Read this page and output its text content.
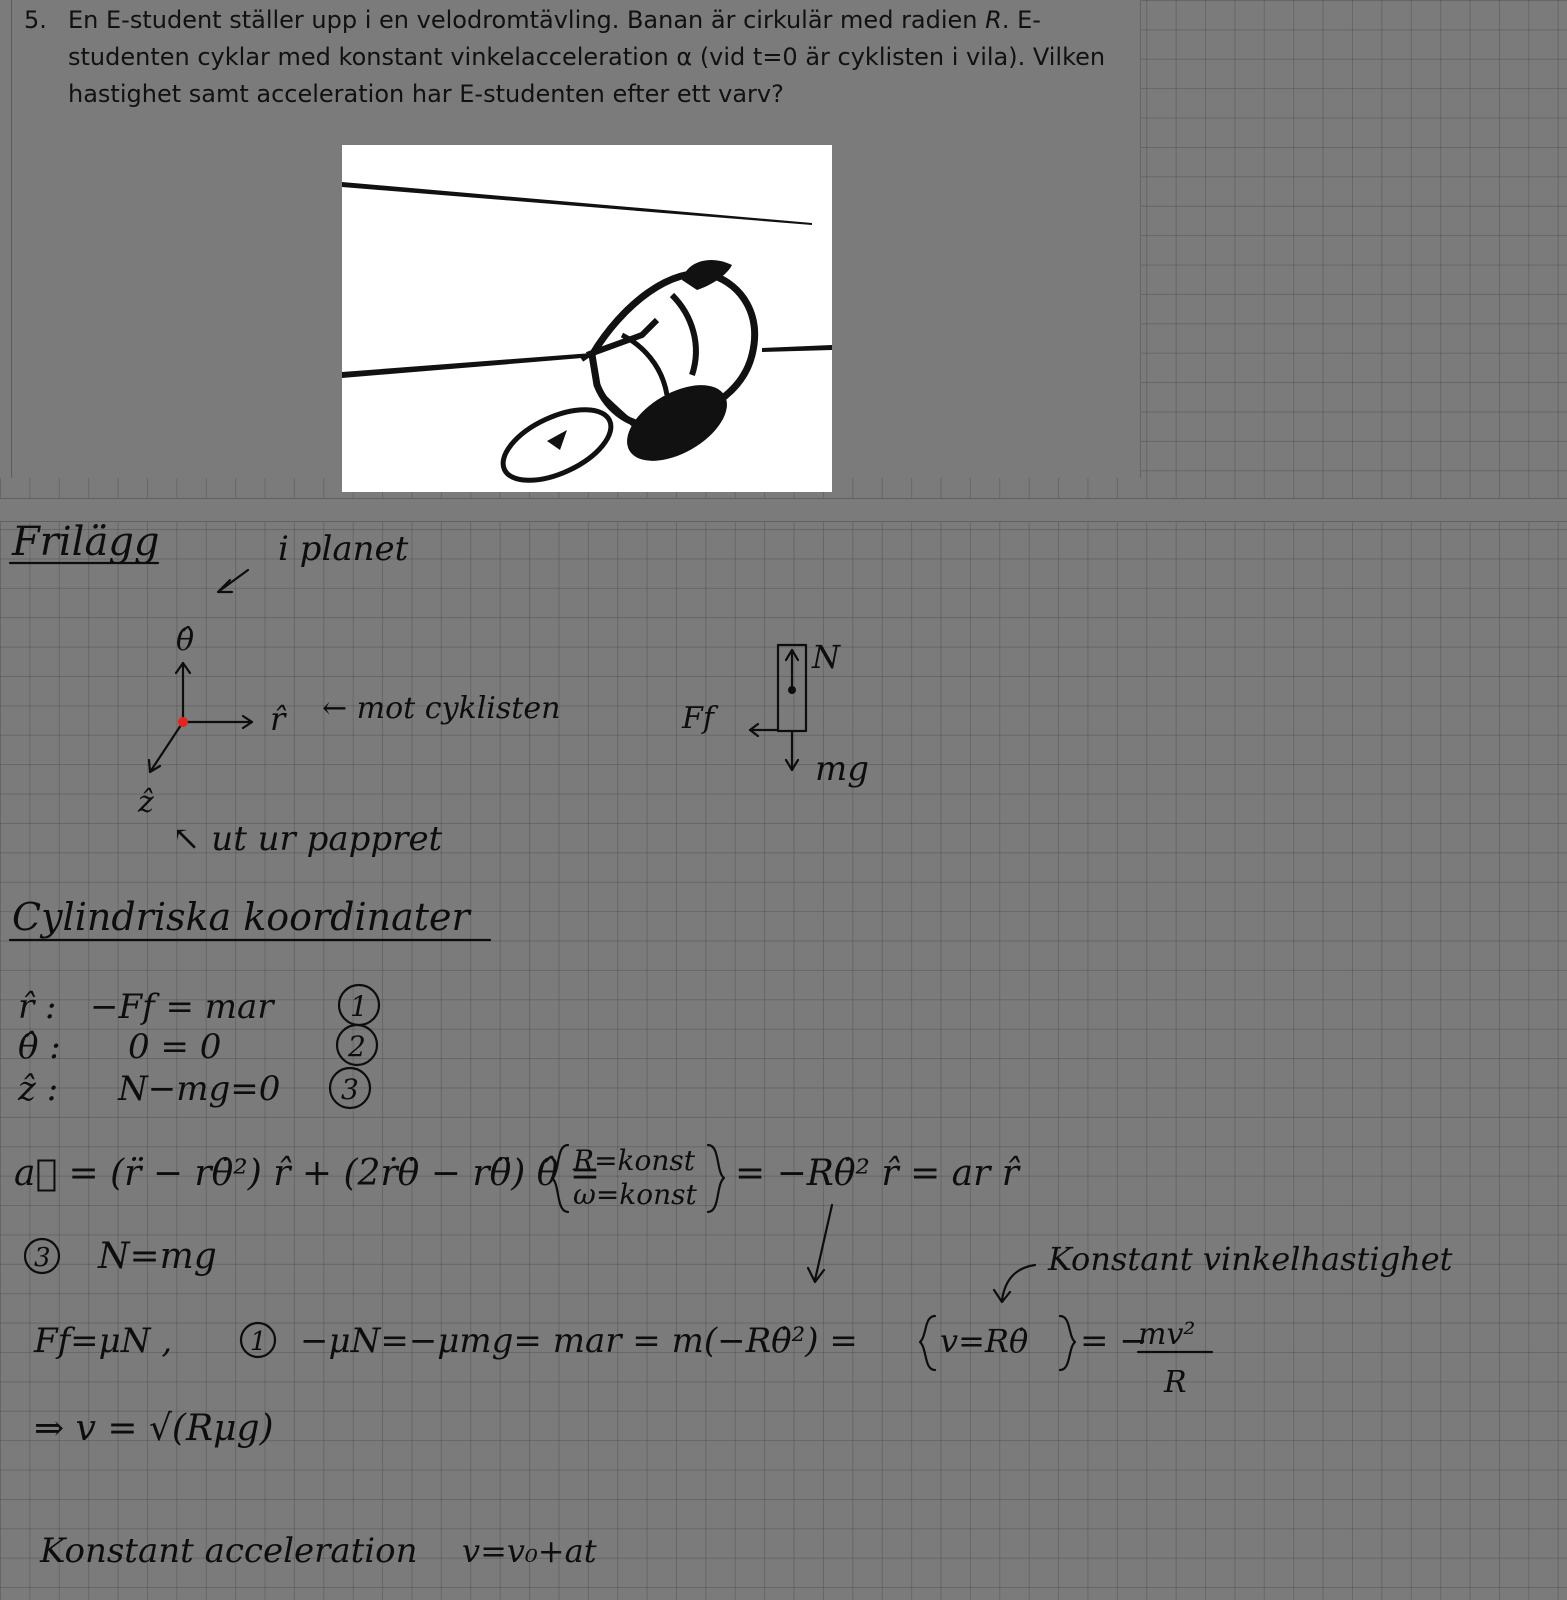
5. En E-student ställer upp i en velodromtävling. Banan är cirkulär med radien R. E-studenten cyklar med konstant vinkelacceleration α (vid t=0 är cyklisten i vila). Vilken hastighet samt acceleration har E-studenten efter ett varv?
Frilägg	i planet
θ̂
r̂
ẑ
← mot cyklisten
↖ ut ur pappret
N
mg
Ff
Cylindriska koordinater
r̂ : −Ff = mar	1
θ̂ : 0 = 0	2
ẑ : N−mg=0 3
a⃗ = (r̈ − rθ̇²) r̂ + (2ṙθ̇ − rθ̈) θ̂ =
R=konst
ω=konst
= −Rθ̇² r̂ = ar r̂
3 N=mg	Konstant vinkelhastighet
Ff=μN ,	1 −μN=−μmg= mar = m(−Rθ̇²) =	v=Rθ̇ = −
mv²
R
⇒ v = √(Rμg)
Konstant acceleration v=v₀+at
